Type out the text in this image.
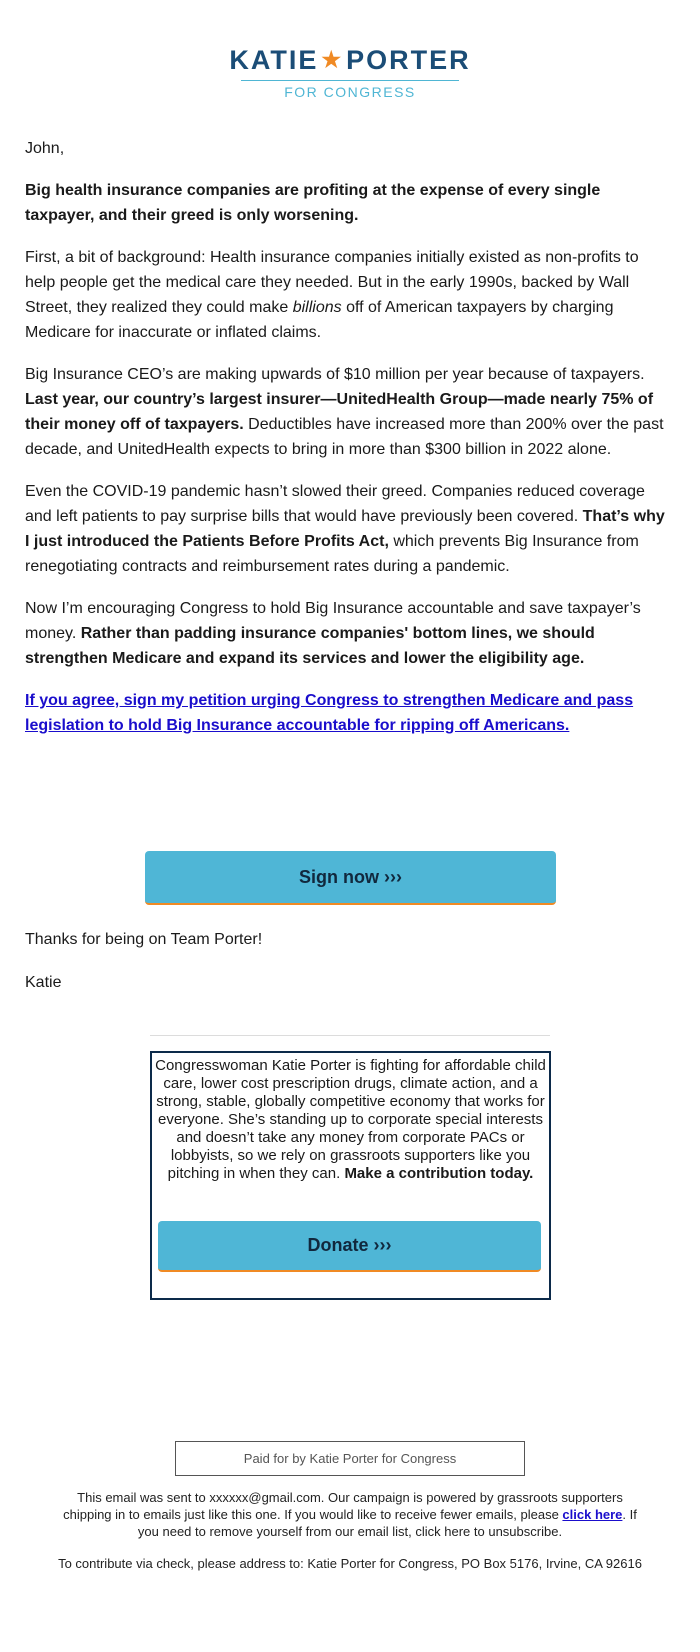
KATIE ★ PORTER
FOR CONGRESS

John,

Big health insurance companies are profiting at the expense of every single taxpayer, and their greed is only worsening.

First, a bit of background: Health insurance companies initially existed as non-profits to help people get the medical care they needed. But in the early 1990s, backed by Wall Street, they realized they could make billions off of American taxpayers by charging Medicare for inaccurate or inflated claims.

Big Insurance CEO’s are making upwards of $10 million per year because of taxpayers. Last year, our country’s largest insurer—UnitedHealth Group—made nearly 75% of their money off of taxpayers. Deductibles have increased more than 200% over the past decade, and UnitedHealth expects to bring in more than $300 billion in 2022 alone.

Even the COVID-19 pandemic hasn’t slowed their greed. Companies reduced coverage and left patients to pay surprise bills that would have previously been covered. That’s why I just introduced the Patients Before Profits Act, which prevents Big Insurance from renegotiating contracts and reimbursement rates during a pandemic.

Now I’m encouraging Congress to hold Big Insurance accountable and save taxpayer’s money. Rather than padding insurance companies' bottom lines, we should strengthen Medicare and expand its services and lower the eligibility age.

If you agree, sign my petition urging Congress to strengthen Medicare and pass legislation to hold Big Insurance accountable for ripping off Americans.

Sign now ›››

Thanks for being on Team Porter!

Katie

Congresswoman Katie Porter is fighting for affordable child care, lower cost prescription drugs, climate action, and a strong, stable, globally competitive economy that works for everyone. She’s standing up to corporate special interests and doesn’t take any money from corporate PACs or lobbyists, so we rely on grassroots supporters like you pitching in when they can. Make a contribution today.
Donate ›››
Paid for by Katie Porter for Congress

This email was sent to xxxxxx@gmail.com. Our campaign is powered by grassroots supporters chipping in to emails just like this one. If you would like to receive fewer emails, please click here. If you need to remove yourself from our email list, click here to unsubscribe.

To contribute via check, please address to: Katie Porter for Congress, PO Box 5176, Irvine, CA 92616
